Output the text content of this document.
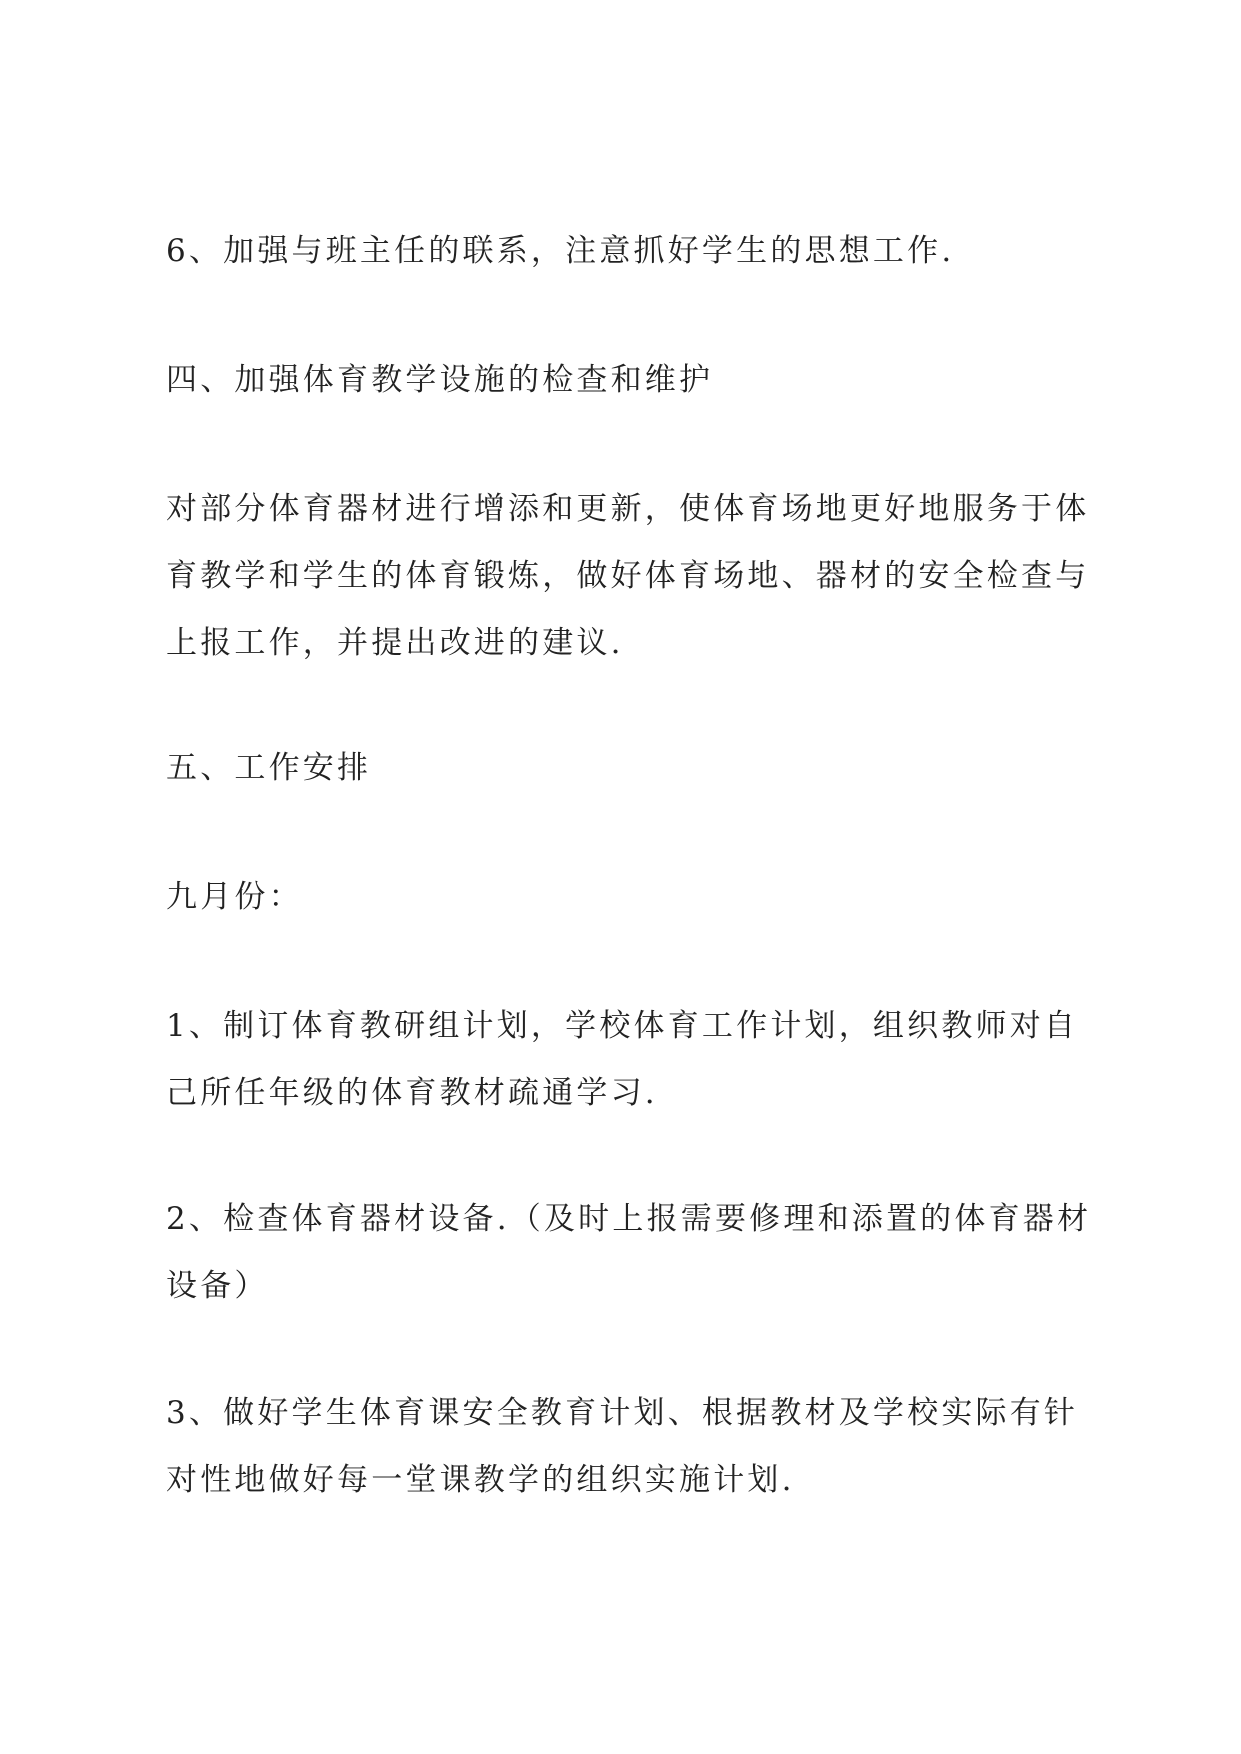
6、加强与班主任的联系，注意抓好学生的思想工作.

四、加强体育教学设施的检查和维护

对部分体育器材进行增添和更新，使体育场地更好地服务于体育教学和学生的体育锻炼，做好体育场地、器材的安全检查与上报工作，并提出改进的建议.

五、工作安排

九月份：

1、制订体育教研组计划，学校体育工作计划，组织教师对自己所任年级的体育教材疏通学习.

2、检查体育器材设备.（及时上报需要修理和添置的体育器材设备）

3、做好学生体育课安全教育计划、根据教材及学校实际有针对性地做好每一堂课教学的组织实施计划.
